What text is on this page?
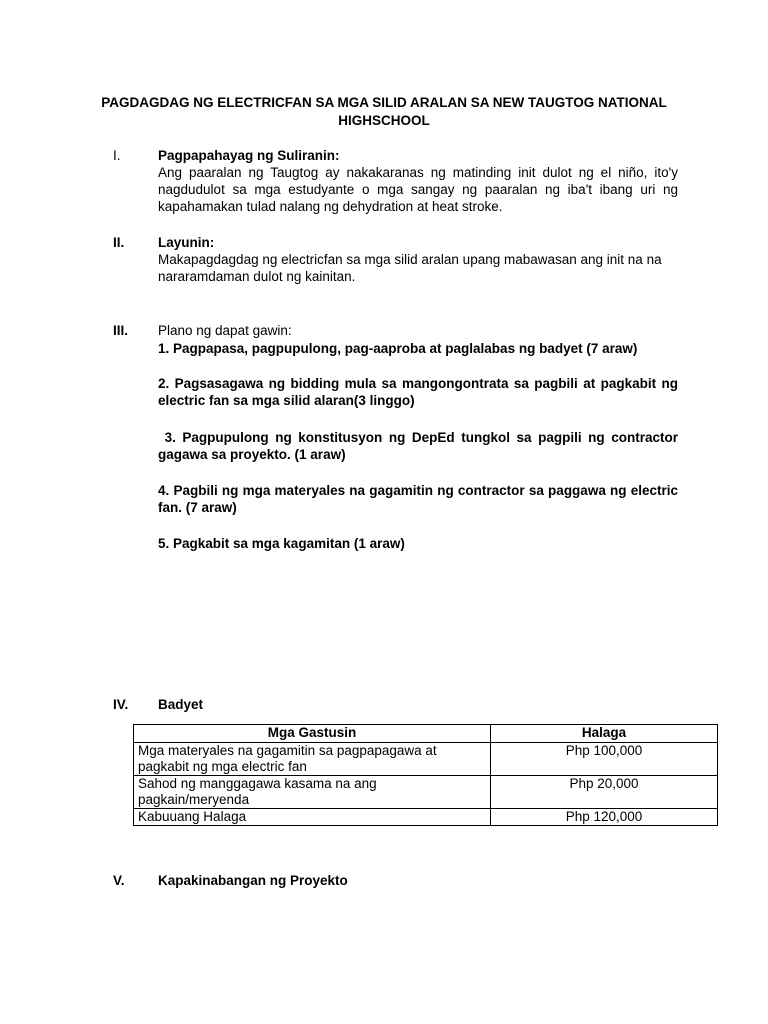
PAGDAGDAG NG ELECTRICFAN SA MGA SILID ARALAN SA NEW TAUGTOG NATIONAL HIGHSCHOOL
I.	Pagpapahayag ng Suliranin:
Ang paaralan ng Taugtog ay nakakaranas ng matinding init dulot ng el niño, ito'y nagdudulot sa mga estudyante o mga sangay ng paaralan ng iba't ibang uri ng kapahamakan tulad nalang ng dehydration at heat stroke.
II. Layunin:
Makapagdagdag ng electricfan sa mga silid aralan upang mabawasan ang init na na nararamdaman dulot ng kainitan.
III. Plano ng dapat gawin:
1. Pagpapasa, pagpupulong, pag-aaproba at paglalabas ng badyet (7 araw)
2. Pagsasagawa ng bidding mula sa mangongontrata sa pagbili at pagkabit ng electric fan sa mga silid alaran(3 linggo)
3. Pagpupulong ng konstitusyon ng DepEd tungkol sa pagpili ng contractor gagawa sa proyekto. (1 araw)
4. Pagbili ng mga materyales na gagamitin ng contractor sa paggawa ng electric fan. (7 araw)
5. Pagkabit sa mga kagamitan (1 araw)
IV. Badyet
Mga Gastusin	Halaga
Mga materyales na gagamitin sa pagpapagawa at pagkabit ng mga electric fan	Php 100,000
Sahod ng manggagawa kasama na ang pagkain/meryenda	Php 20,000
Kabuuang Halaga	Php 120,000
V. Kapakinabangan ng Proyekto
